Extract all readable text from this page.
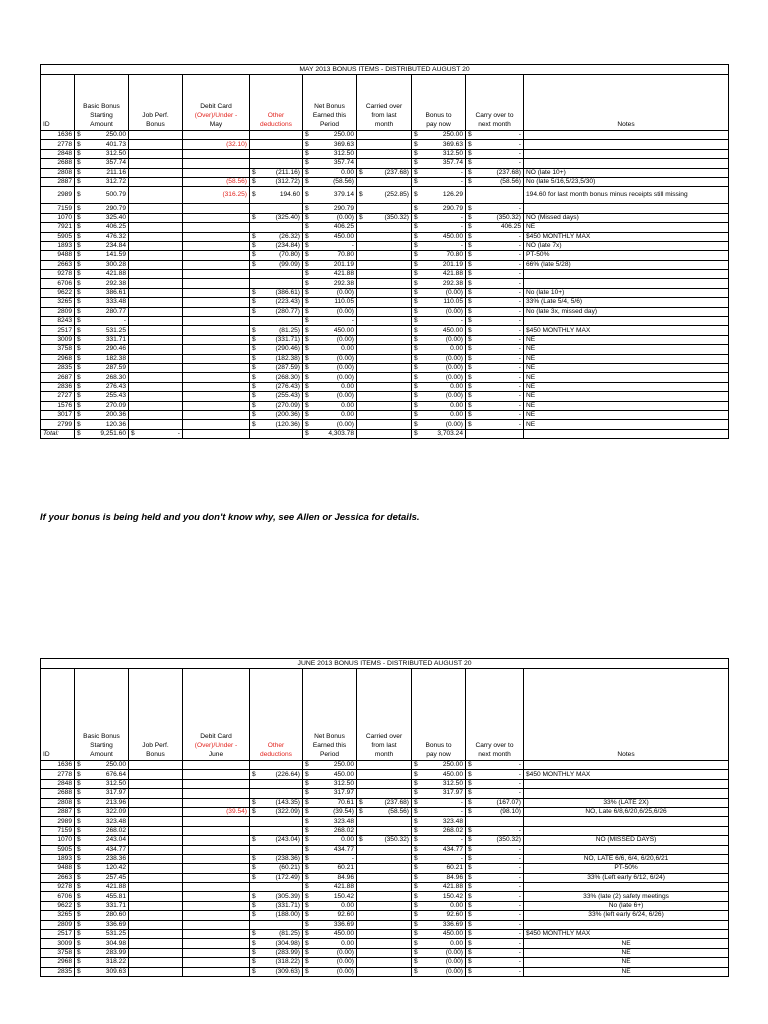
MAY 2013 BONUS ITEMS - DISTRIBUTED AUGUST 20									
ID	Basic Bonus
Starting
Amount	Job Perf.
Bonus	Debit Card
(Over)/Under -
May	Other
deductions	Net Bonus
Earned this
Period	Carried over
from last
month	Bonus to
pay now	Carry over to
next month	Notes
1636	$ 250.00				$ 250.00		$ 250.00	$ -	
2778	$ 401.73		(32.10)		$ 369.63		$ 369.63	$ -	
2848	$ 312.50				$ 312.50		$ 312.50	$ -	
2688	$ 357.74				$ 357.74		$ 357.74	$ -	
2808	$ 211.16			$ (211.16)	$ 0.00	$ (237.68)	$ -	$ (237.68)	NO (late 10+)
2887	$ 312.72		(58.56)	$ (312.72)	$ (58.56)		$ -	$ (58.56)	No (late 5/16,5/23,5/30)
2989	$ 500.79		(316.25)	$ 194.60	$ 379.14	$ (252.85)	$ 126.29		194.60 for last month bonus minus receipts still missing
7159	$ 290.79				$ 290.79		$ 290.79	$ -	
1070	$ 325.40			$ (325.40)	$ (0.00)	$ (350.32)	$ -	$ (350.32)	NO (Missed days)
7921	$ 406.25				$ 406.25		$ -	$ 406.25	NE
5905	$ 476.32			$ (26.32)	$ 450.00		$ 450.00	$ -	$450 MONTHLY MAX
1893	$ 234.84			$ (234.84)	$ -		$ -	$ -	NO (late 7x)
9488	$ 141.59			$ (70.80)	$ 70.80		$ 70.80	$ -	PT-50%
2663	$ 300.28			$ (99.09)	$ 201.19		$ 201.19	$ -	66% (late 5/28)
9278	$ 421.88				$ 421.88		$ 421.88	$ -	
6706	$ 292.38				$ 292.38		$ 292.38	$ -	
9622	$ 386.61			$ (386.61)	$ (0.00)		$ (0.00)	$ -	No (late 10+)
3265	$ 333.48			$ (223.43)	$ 110.05		$ 110.05	$ -	33% (Late 5/4, 5/6)
2809	$ 280.77			$ (280.77)	$ (0.00)		$ (0.00)	$ -	No (late 3x, missed day)
8243	$ -				$ -		$ -	$ -	
2517	$ 531.25			$ (81.25)	$ 450.00		$ 450.00	$ -	$450 MONTHLY MAX
3009	$ 331.71			$ (331.71)	$ (0.00)		$ (0.00)	$ -	NE
3758	$ 290.46			$ (290.46)	$ 0.00		$ 0.00	$ -	NE
2968	$ 182.38			$ (182.38)	$ (0.00)		$ (0.00)	$ -	NE
2835	$ 287.59			$ (287.59)	$ (0.00)		$ (0.00)	$ -	NE
2687	$ 268.30			$ (268.30)	$ (0.00)		$ (0.00)	$ -	NE
2836	$ 276.43			$ (276.43)	$ 0.00		$ 0.00	$ -	NE
2727	$ 255.43			$ (255.43)	$ (0.00)		$ (0.00)	$ -	NE
1576	$ 270.09			$ (270.09)	$ 0.00		$ 0.00	$ -	NE
3017	$ 200.36			$ (200.36)	$ 0.00		$ 0.00	$ -	NE
2799	$ 120.36			$ (120.36)	$ (0.00)		$ (0.00)	$ -	NE
Total:	$ 9,251.60	$ -			$ 4,303.78		$ 3,703.24		
If your bonus is being held and you don't know why, see Allen or Jessica for details.
JUNE 2013 BONUS ITEMS - DISTRIBUTED AUGUST 20									
ID	Basic Bonus
Starting
Amount	Job Perf.
Bonus	Debit Card
(Over)/Under -
June	Other
deductions	Net Bonus
Earned this
Period	Carried over
from last
month	Bonus to
pay now	Carry over to
next month	Notes
1636	$ 250.00				$ 250.00		$ 250.00	$ -	
2778	$ 676.64			$ (226.64)	$ 450.00		$ 450.00	$ -	$450 MONTHLY MAX
2848	$ 312.50				$ 312.50		$ 312.50	$ -	
2688	$ 317.97				$ 317.97		$ 317.97	$ -	
2808	$ 213.96			$ (143.35)	$ 70.61	$ (237.68)	$ -	$ (167.07)	33% (LATE 2X)
2887	$ 322.09		(39.54)	$ (322.09)	$ (39.54)	$ (58.56)	$ -	$ (98.10)	NO, Late 6/8,6/20,6/25,6/26
2989	$ 323.48				$ 323.48		$ 323.48		
7159	$ 268.02				$ 268.02		$ 268.02	$ -	
1070	$ 243.04			$ (243.04)	$ 0.00	$ (350.32)	$ -	$ (350.32)	NO (MISSED DAYS)
5905	$ 434.77				$ 434.77		$ 434.77	$ -	
1893	$ 238.36			$ (238.36)	$ -		$ -	$ -	NO, LATE 6/6, 6/4, 6/20,6/21
9488	$ 120.42			$ (60.21)	$ 60.21		$ 60.21	$ -	PT-50%
2663	$ 257.45			$ (172.49)	$ 84.96		$ 84.96	$ -	33% (Left early 6/12, 6/24)
9278	$ 421.88				$ 421.88		$ 421.88	$ -	
6706	$ 455.81			$ (305.39)	$ 150.42		$ 150.42	$ -	33% (late (2) safety meetings
9622	$ 331.71			$ (331.71)	$ 0.00		$ 0.00	$ -	No (late 6+)
3265	$ 280.60			$ (188.00)	$ 92.60		$ 92.60	$ -	33% (left early 6/24, 6/26)
2809	$ 336.69				$ 336.69		$ 336.69	$ -	
2517	$ 531.25			$ (81.25)	$ 450.00		$ 450.00	$ -	$450 MONTHLY MAX
3009	$ 304.98			$ (304.98)	$ 0.00		$ 0.00	$ -	NE
3758	$ 283.99			$ (283.99)	$ (0.00)		$ (0.00)	$ -	NE
2968	$ 318.22			$ (318.22)	$ (0.00)		$ (0.00)	$ -	NE
2835	$ 309.63			$ (309.63)	$ (0.00)		$ (0.00)	$ -	NE
